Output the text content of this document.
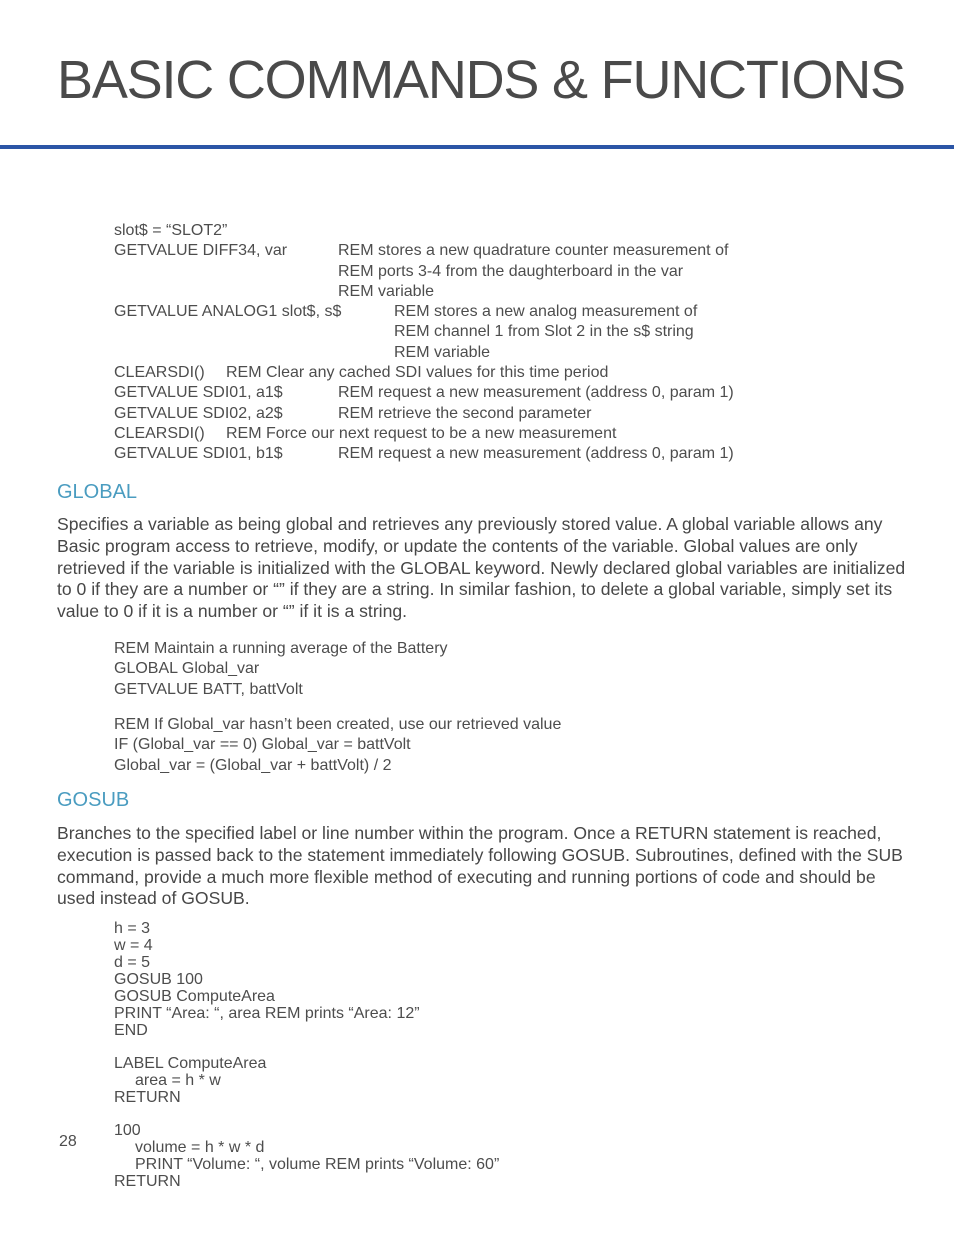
BASIC COMMANDS & FUNCTIONS
slot$ = “SLOT2”
GETVALUE DIFF34, var	REM stores a new quadrature counter measurement of
REM ports 3-4 from the daughterboard in the var
REM variable
GETVALUE ANALOG1 slot$, s$	REM stores a new analog measurement of
REM channel 1 from Slot 2 in the s$ string
REM variable
CLEARSDI() REM Clear any cached SDI values for this time period
GETVALUE SDI01, a1$	REM request a new measurement (address 0, param 1)
GETVALUE SDI02, a2$	REM retrieve the second parameter
CLEARSDI() REM Force our next request to be a new measurement
GETVALUE SDI01, b1$	REM request a new measurement (address 0, param 1)
GLOBAL

Specifies a variable as being global and retrieves any previously stored value. A global variable allows any Basic program access to retrieve, modify, or update the contents of the variable. Global values are only retrieved if the variable is initialized with the GLOBAL keyword. Newly declared global variables are initialized to 0 if they are a number or “” if they are a string. In similar fashion, to delete a global variable, simply set its value to 0 if it is a number or “” if it is a string.

REM Maintain a running average of the Battery
GLOBAL Global_var
GETVALUE BATT, battVolt
REM If Global_var hasn’t been created, use our retrieved value
IF (Global_var == 0) Global_var = battVolt
Global_var = (Global_var + battVolt) / 2
GOSUB

Branches to the specified label or line number within the program. Once a RETURN statement is reached, execution is passed back to the statement immediately following GOSUB. Subroutines, defined with the SUB command, provide a much more flexible method of executing and running portions of code and should be used instead of GOSUB.

h = 3
w = 4
d = 5
GOSUB 100
GOSUB ComputeArea
PRINT “Area: “, area REM prints “Area: 12”
END
LABEL ComputeArea
area = h * w
RETURN
100
volume = h * w * d
PRINT “Volume: “, volume REM prints “Volume: 60”
RETURN
28
